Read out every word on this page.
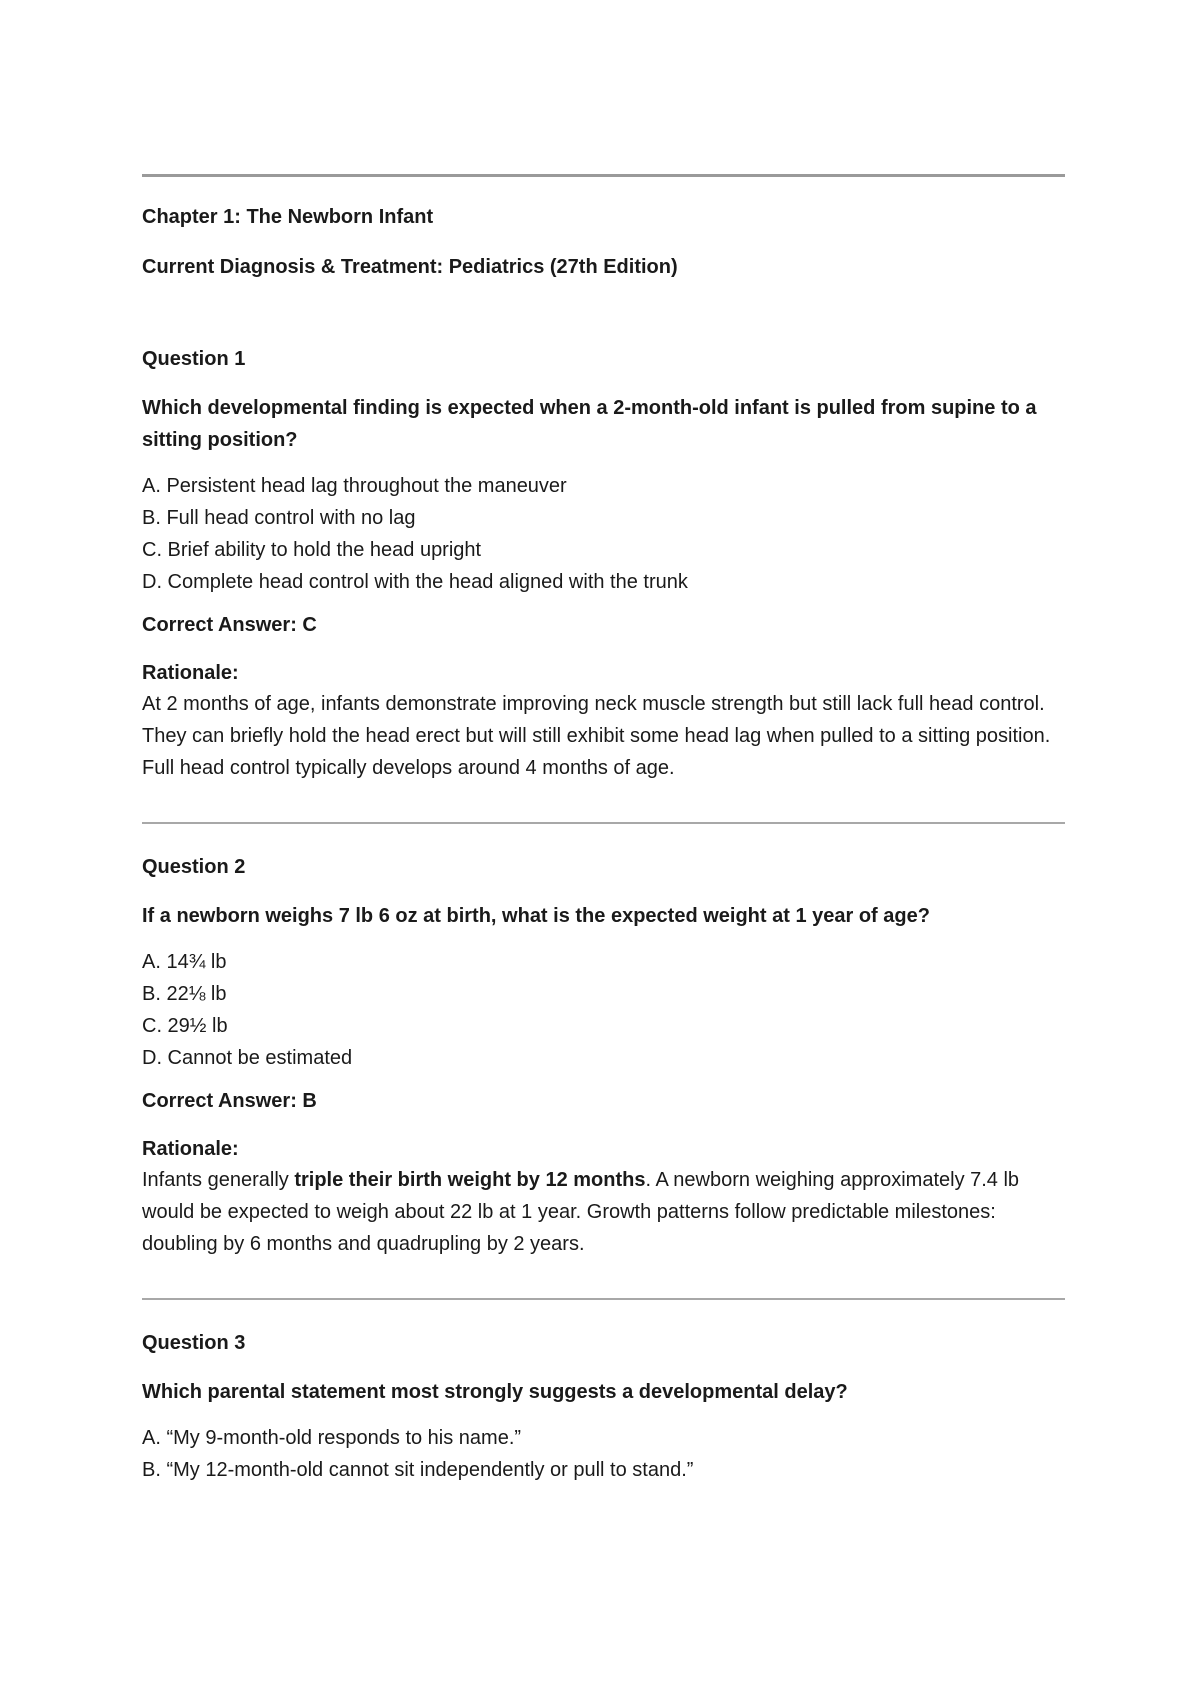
Chapter 1: The Newborn Infant

Current Diagnosis & Treatment: Pediatrics (27th Edition)

Question 1

Which developmental finding is expected when a 2-month-old infant is pulled from supine to a sitting position?

A. Persistent head lag throughout the maneuver
B. Full head control with no lag
C. Brief ability to hold the head upright
D. Complete head control with the head aligned with the trunk

Correct Answer: C

Rationale:

At 2 months of age, infants demonstrate improving neck muscle strength but still lack full head control. They can briefly hold the head erect but will still exhibit some head lag when pulled to a sitting position. Full head control typically develops around 4 months of age.

Question 2

If a newborn weighs 7 lb 6 oz at birth, what is the expected weight at 1 year of age?

A. 14¾ lb
B. 22⅛ lb
C. 29½ lb
D. Cannot be estimated

Correct Answer: B

Rationale:

Infants generally triple their birth weight by 12 months. A newborn weighing approximately 7.4 lb would be expected to weigh about 22 lb at 1 year. Growth patterns follow predictable milestones: doubling by 6 months and quadrupling by 2 years.

Question 3

Which parental statement most strongly suggests a developmental delay?

A. “My 9-month-old responds to his name.”
B. “My 12-month-old cannot sit independently or pull to stand.”
